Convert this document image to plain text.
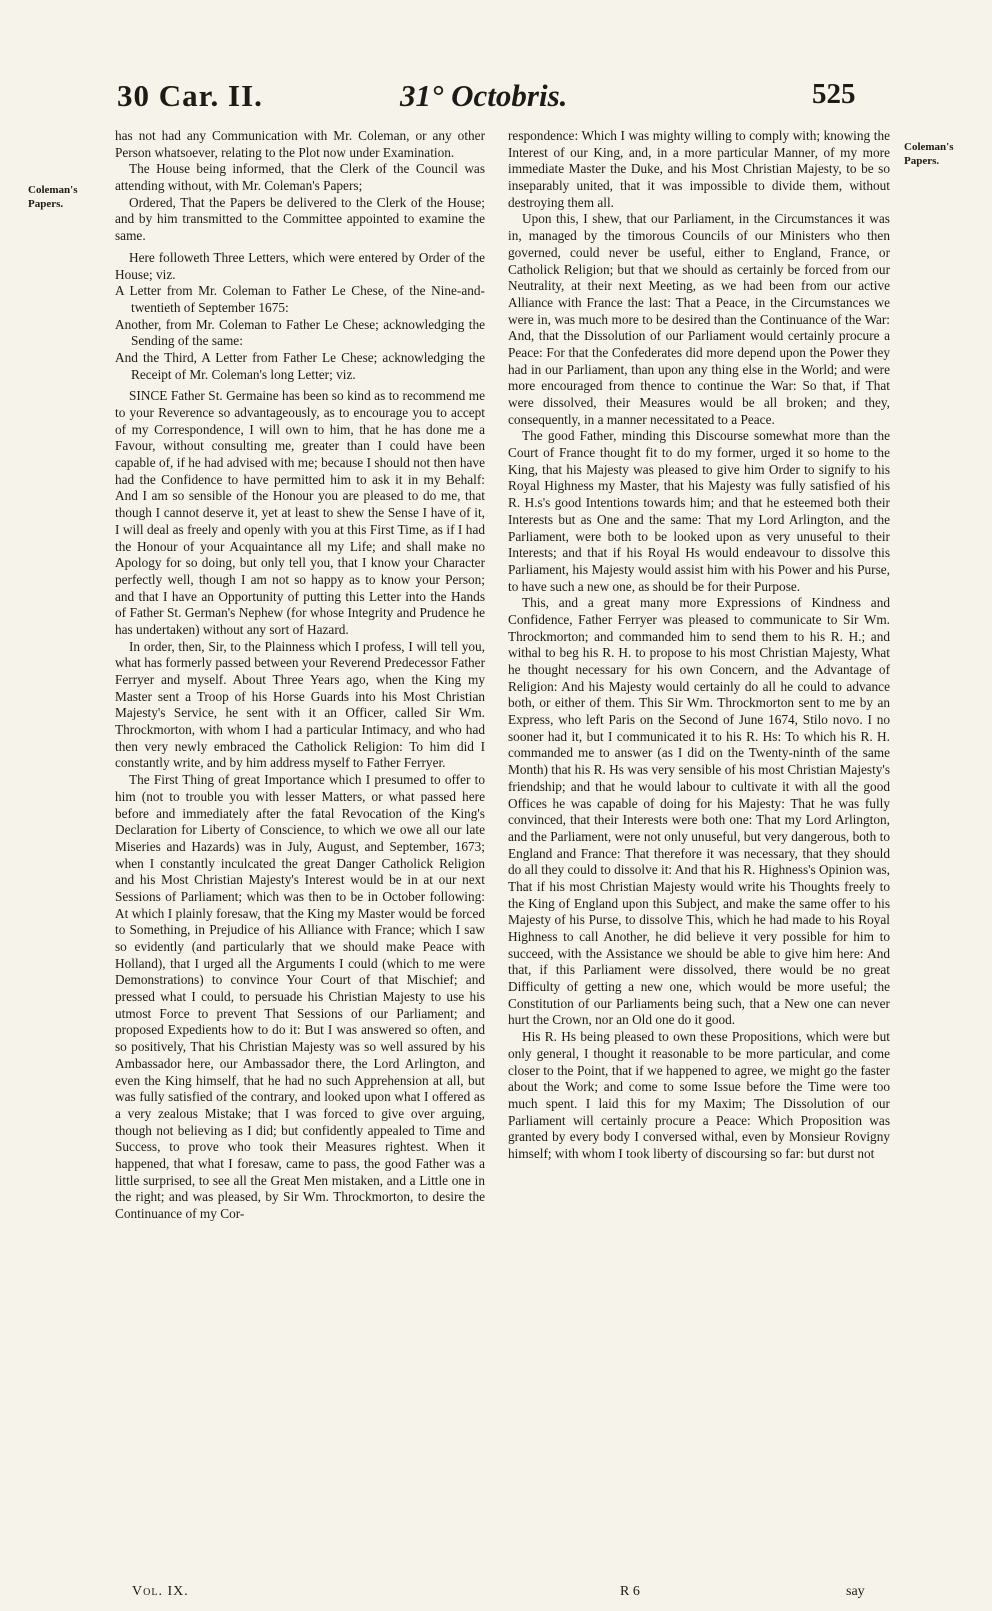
30 Car. II.	31° Octobris.	525
Coleman's Papers.
Coleman's Papers.

has not had any Communication with Mr. Coleman, or any other Person whatsoever, relating to the Plot now under Examination.

The House being informed, that the Clerk of the Council was attending without, with Mr. Coleman's Papers;

Ordered, That the Papers be delivered to the Clerk of the House; and by him transmitted to the Committee appointed to examine the same.

Here followeth Three Letters, which were entered by Order of the House; viz.

A Letter from Mr. Coleman to Father Le Chese, of the Nine-and-twentieth of September 1675:

Another, from Mr. Coleman to Father Le Chese; acknowledging the Sending of the same:

And the Third, A Letter from Father Le Chese; acknowledging the Receipt of Mr. Coleman's long Letter; viz.

SINCE Father St. Germaine has been so kind as to recommend me to your Reverence so advantageously, as to encourage you to accept of my Correspondence, I will own to him, that he has done me a Favour, without consulting me, greater than I could have been capable of, if he had advised with me; because I should not then have had the Confidence to have permitted him to ask it in my Behalf: And I am so sensible of the Honour you are pleased to do me, that though I cannot deserve it, yet at least to shew the Sense I have of it, I will deal as freely and openly with you at this First Time, as if I had the Honour of your Acquaintance all my Life; and shall make no Apology for so doing, but only tell you, that I know your Character perfectly well, though I am not so happy as to know your Person; and that I have an Opportunity of putting this Letter into the Hands of Father St. German's Nephew (for whose Integrity and Prudence he has undertaken) without any sort of Hazard.

In order, then, Sir, to the Plainness which I profess, I will tell you, what has formerly passed between your Reverend Predecessor Father Ferryer and myself. About Three Years ago, when the King my Master sent a Troop of his Horse Guards into his Most Christian Majesty's Service, he sent with it an Officer, called Sir Wm. Throckmorton, with whom I had a particular Intimacy, and who had then very newly embraced the Catholick Religion: To him did I constantly write, and by him address myself to Father Ferryer.

The First Thing of great Importance which I presumed to offer to him (not to trouble you with lesser Matters, or what passed here before and immediately after the fatal Revocation of the King's Declaration for Liberty of Conscience, to which we owe all our late Miseries and Hazards) was in July, August, and September, 1673; when I constantly inculcated the great Danger Catholick Religion and his Most Christian Majesty's Interest would be in at our next Sessions of Parliament; which was then to be in October following: At which I plainly foresaw, that the King my Master would be forced to Something, in Prejudice of his Alliance with France; which I saw so evidently (and particularly that we should make Peace with Holland), that I urged all the Arguments I could (which to me were Demonstrations) to convince Your Court of that Mischief; and pressed what I could, to persuade his Christian Majesty to use his utmost Force to prevent That Sessions of our Parliament; and proposed Expedients how to do it: But I was answered so often, and so positively, That his Christian Majesty was so well assured by his Ambassador here, our Ambassador there, the Lord Arlington, and even the King himself, that he had no such Apprehension at all, but was fully satisfied of the contrary, and looked upon what I offered as a very zealous Mistake; that I was forced to give over arguing, though not believing as I did; but confidently appealed to Time and Success, to prove who took their Measures rightest. When it happened, that what I foresaw, came to pass, the good Father was a little surprised, to see all the Great Men mistaken, and a Little one in the right; and was pleased, by Sir Wm. Throckmorton, to desire the Continuance of my Cor-

respondence: Which I was mighty willing to comply with; knowing the Interest of our King, and, in a more particular Manner, of my more immediate Master the Duke, and his Most Christian Majesty, to be so inseparably united, that it was impossible to divide them, without destroying them all.

Upon this, I shew, that our Parliament, in the Circumstances it was in, managed by the timorous Councils of our Ministers who then governed, could never be useful, either to England, France, or Catholick Religion; but that we should as certainly be forced from our Neutrality, at their next Meeting, as we had been from our active Alliance with France the last: That a Peace, in the Circumstances we were in, was much more to be desired than the Continuance of the War: And, that the Dissolution of our Parliament would certainly procure a Peace: For that the Confederates did more depend upon the Power they had in our Parliament, than upon any thing else in the World; and were more encouraged from thence to continue the War: So that, if That were dissolved, their Measures would be all broken; and they, consequently, in a manner necessitated to a Peace.

The good Father, minding this Discourse somewhat more than the Court of France thought fit to do my former, urged it so home to the King, that his Majesty was pleased to give him Order to signify to his Royal Highness my Master, that his Majesty was fully satisfied of his R. H.s's good Intentions towards him; and that he esteemed both their Interests but as One and the same: That my Lord Arlington, and the Parliament, were both to be looked upon as very unuseful to their Interests; and that if his Royal Hs would endeavour to dissolve this Parliament, his Majesty would assist him with his Power and his Purse, to have such a new one, as should be for their Purpose.

This, and a great many more Expressions of Kindness and Confidence, Father Ferryer was pleased to communicate to Sir Wm. Throckmorton; and commanded him to send them to his R. H.; and withal to beg his R. H. to propose to his most Christian Majesty, What he thought necessary for his own Concern, and the Advantage of Religion: And his Majesty would certainly do all he could to advance both, or either of them. This Sir Wm. Throckmorton sent to me by an Express, who left Paris on the Second of June 1674, Stilo novo. I no sooner had it, but I communicated it to his R. Hs: To which his R. H. commanded me to answer (as I did on the Twenty-ninth of the same Month) that his R. Hs was very sensible of his most Christian Majesty's friendship; and that he would labour to cultivate it with all the good Offices he was capable of doing for his Majesty: That he was fully convinced, that their Interests were both one: That my Lord Arlington, and the Parliament, were not only unuseful, but very dangerous, both to England and France: That therefore it was necessary, that they should do all they could to dissolve it: And that his R. Highness's Opinion was, That if his most Christian Majesty would write his Thoughts freely to the King of England upon this Subject, and make the same offer to his Majesty of his Purse, to dissolve This, which he had made to his Royal Highness to call Another, he did believe it very possible for him to succeed, with the Assistance we should be able to give him here: And that, if this Parliament were dissolved, there would be no great Difficulty of getting a new one, which would be more useful; the Constitution of our Parliaments being such, that a New one can never hurt the Crown, nor an Old one do it good.

His R. Hs being pleased to own these Propositions, which were but only general, I thought it reasonable to be more particular, and come closer to the Point, that if we happened to agree, we might go the faster about the Work; and come to some Issue before the Time were too much spent. I laid this for my Maxim; The Dissolution of our Parliament will certainly procure a Peace: Which Proposition was granted by every body I conversed withal, even by Monsieur Rovigny himself; with whom I took liberty of discoursing so far: but durst not

Vol. IX.	R 6	say
